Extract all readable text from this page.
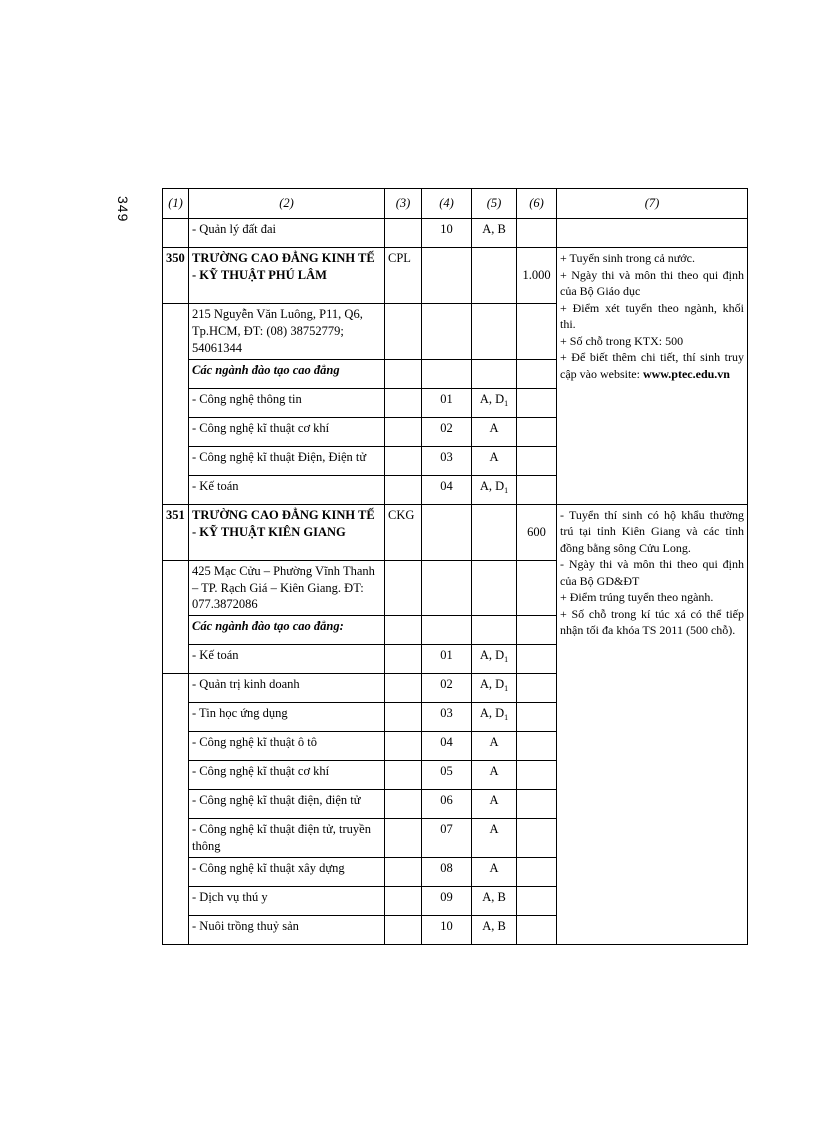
349	(1)	(2)	(3)	(4)	(5)	(6)	(7)
	- Quản lý đất đai		10	A, B		
350	TRƯỜNG CAO ĐẲNG KINH TẾ - KỸ THUẬT PHÚ LÂM	CPL			1.000	+ Tuyển sinh trong cả nước.
+ Ngày thi và môn thi theo qui định của Bộ Giáo dục
+ Điểm xét tuyển theo ngành, khối thi.
+ Số chỗ trong KTX: 500
+ Để biết thêm chi tiết, thí sinh truy cập vào website: www.ptec.edu.vn

	215 Nguyễn Văn Luông, P11, Q6, Tp.HCM, ĐT: (08) 38752779; 54061344					
	Các ngành đào tạo cao đẳng					
	- Công nghệ thông tin		01	A, $D_1$	
	- Công nghệ kĩ thuật cơ khí		02	A		
	- Công nghệ kĩ thuật Điện, Điện tử		03	A		
	- Kế toán		04	A, $D_1$	
351	TRƯỜNG CAO ĐẲNG KINH TẾ - KỸ THUẬT KIÊN GIANG	CKG			600	- Tuyển thí sinh có hộ khẩu thường trú tại tỉnh Kiên Giang và các tỉnh đồng bằng sông Cửu Long.
- Ngày thi và môn thi theo qui định của Bộ GD&ĐT
+ Điểm trúng tuyển theo ngành.
+ Số chỗ trong kí túc xá có thể tiếp nhận tối đa khóa TS 2011 (500 chỗ).

	425 Mạc Cửu – Phường Vĩnh Thanh – TP. Rạch Giá – Kiên Giang. ĐT: 077.3872086					
	Các ngành đào tạo cao đẳng:					
	- Kế toán		01	A, $D_1$	
	- Quản trị kinh doanh		02	A, $D_1$	
	- Tin học ứng dụng		03	A, $D_1$	
	- Công nghệ kĩ thuật ô tô		04	A		
	- Công nghệ kĩ thuật cơ khí		05	A		
	- Công nghệ kĩ thuật điện, điện tử		06	A		
	- Công nghệ kĩ thuật điện tử, truyền thông		07	A		
	- Công nghệ kĩ thuật xây dựng		08	A		
	- Dịch vụ thú y		09	A, B		
	- Nuôi trồng thuỷ sản		10	A, B		
